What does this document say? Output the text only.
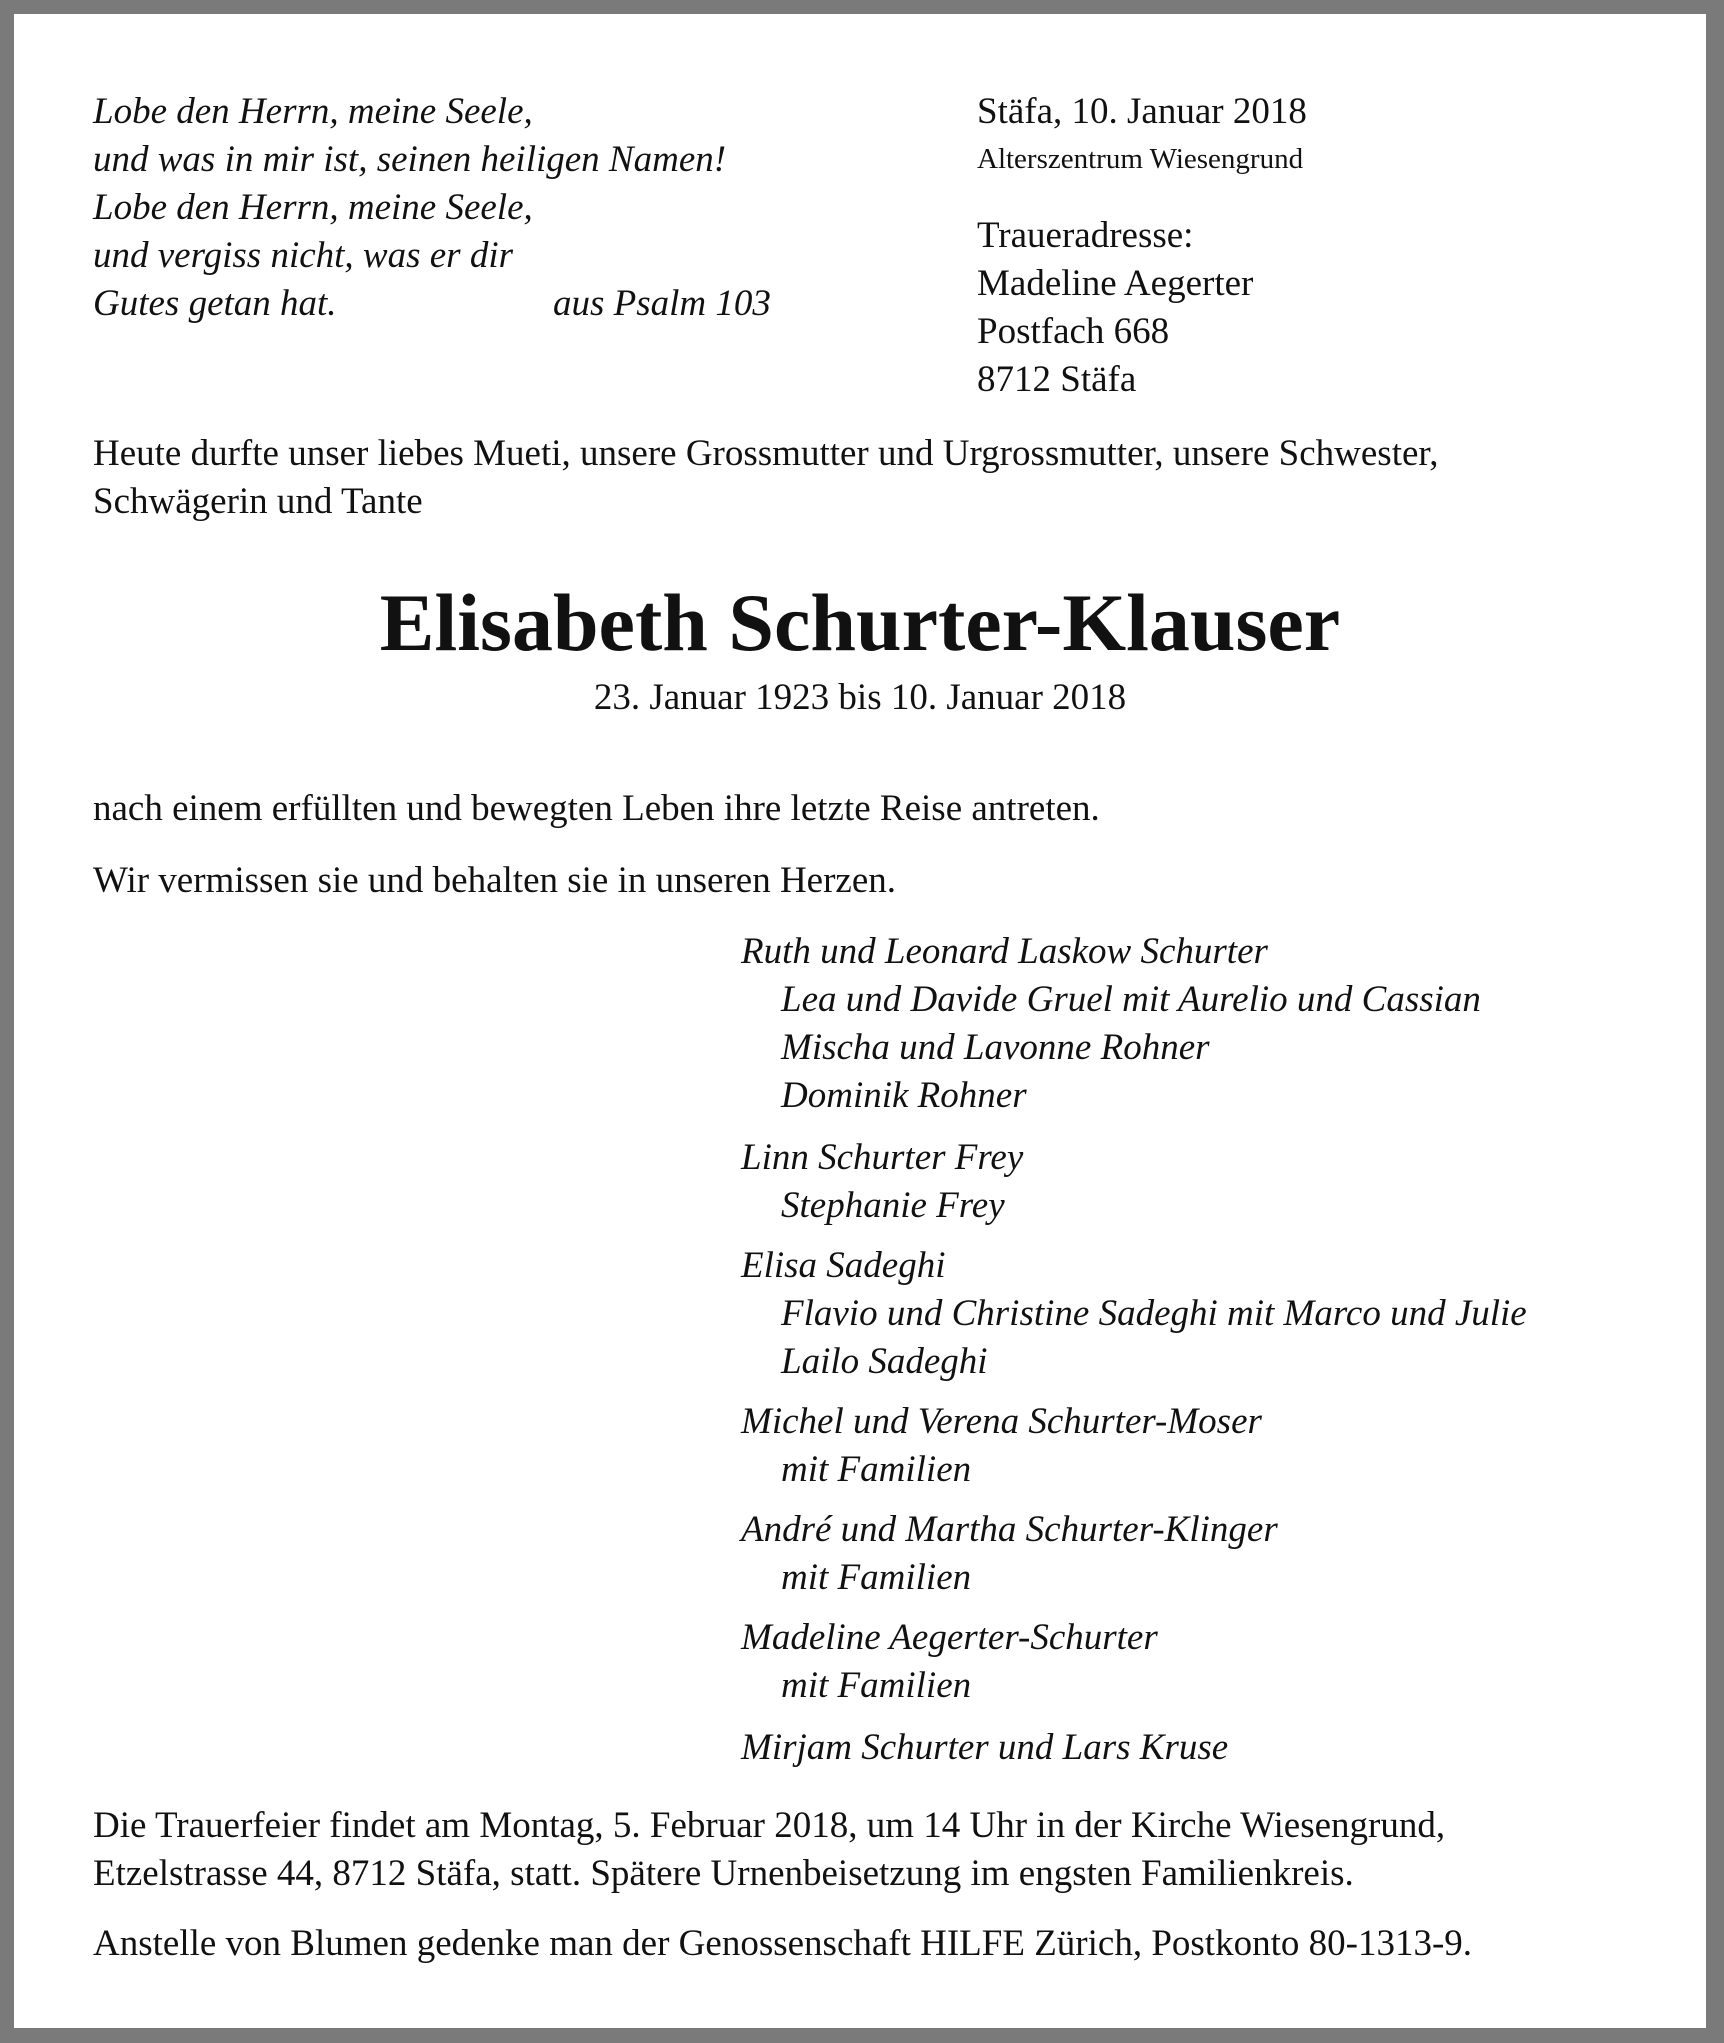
Lobe den Herrn, meine Seele,
und was in mir ist, seinen heiligen Namen!
Lobe den Herrn, meine Seele,
und vergiss nicht, was er dir
Gutes getan hat.	aus Psalm 103
Stäfa, 10. Januar 2018
Alterszentrum Wiesengrund
Traueradresse:
Madeline Aegerter
Postfach 668
8712 Stäfa
Heute durfte unser liebes Mueti, unsere Grossmutter und Urgrossmutter, unsere Schwester,
Schwägerin und Tante
Elisabeth Schurter-Klauser
23. Januar 1923 bis 10. Januar 2018
nach einem erfüllten und bewegten Leben ihre letzte Reise antreten.
Wir vermissen sie und behalten sie in unseren Herzen.
Ruth und Leonard Laskow Schurter
Lea und Davide Gruel mit Aurelio und Cassian
Mischa und Lavonne Rohner
Dominik Rohner
Linn Schurter Frey
Stephanie Frey
Elisa Sadeghi
Flavio und Christine Sadeghi mit Marco und Julie
Lailo Sadeghi
Michel und Verena Schurter-Moser
mit Familien
André und Martha Schurter-Klinger
mit Familien
Madeline Aegerter-Schurter
mit Familien
Mirjam Schurter und Lars Kruse
Die Trauerfeier findet am Montag, 5. Februar 2018, um 14 Uhr in der Kirche Wiesengrund,
Etzelstrasse 44, 8712 Stäfa, statt. Spätere Urnenbeisetzung im engsten Familienkreis.
Anstelle von Blumen gedenke man der Genossenschaft HILFE Zürich, Postkonto 80-1313-9.
